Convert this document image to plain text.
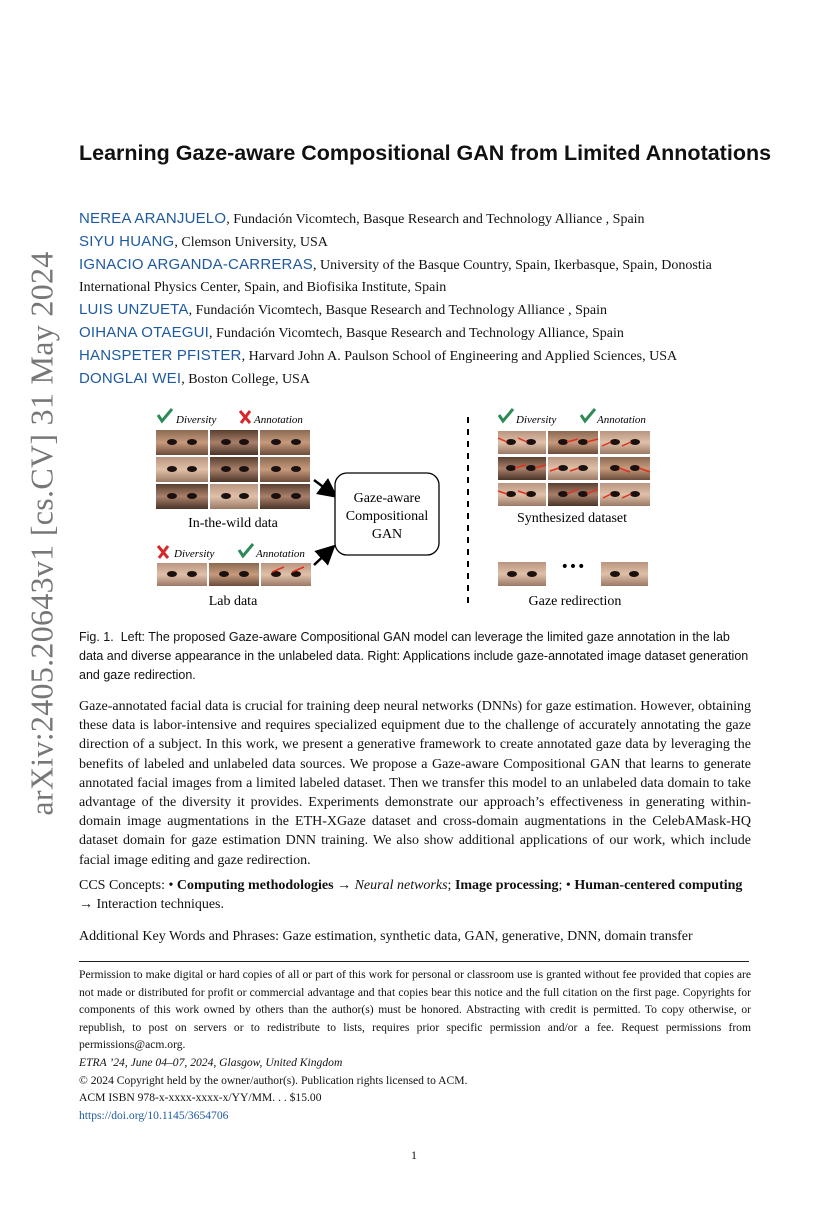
arXiv:2405.20643v1 [cs.CV] 31 May 2024
Learning Gaze-aware Compositional GAN from Limited Annotations

NEREA ARANJUELO, Fundación Vicomtech, Basque Research and Technology Alliance , Spain

SIYU HUANG, Clemson University, USA

IGNACIO ARGANDA-CARRERAS, University of the Basque Country, Spain, Ikerbasque, Spain, Donostia International Physics Center, Spain, and Biofisika Institute, Spain

LUIS UNZUETA, Fundación Vicomtech, Basque Research and Technology Alliance , Spain

OIHANA OTAEGUI, Fundación Vicomtech, Basque Research and Technology Alliance, Spain

HANSPETER PFISTER, Harvard John A. Paulson School of Engineering and Applied Sciences, USA

DONGLAI WEI, Boston College, USA

Diversity	Annotation
In-the-wild data
Diversity	Annotation
Lab data
Gaze-aware
Compositional
GAN
Diversity	Annotation
Synthesized dataset
•••
Gaze redirection
Fig. 1. Left: The proposed Gaze-aware Compositional GAN model can leverage the limited gaze annotation in the lab data and diverse appearance in the unlabeled data. Right: Applications include gaze-annotated image dataset generation and gaze redirection.
Gaze-annotated facial data is crucial for training deep neural networks (DNNs) for gaze estimation. However, obtaining these data is labor-intensive and requires specialized equipment due to the challenge of accurately annotating the gaze direction of a subject. In this work, we present a generative framework to create annotated gaze data by leveraging the benefits of labeled and unlabeled data sources. We propose a Gaze-aware Compositional GAN that learns to generate annotated facial images from a limited labeled dataset. Then we transfer this model to an unlabeled data domain to take advantage of the diversity it provides. Experiments demonstrate our approach’s effectiveness in generating within-domain image augmentations in the ETH-XGaze dataset and cross-domain augmentations in the CelebAMask-HQ dataset domain for gaze estimation DNN training. We also show additional applications of our work, which include facial image editing and gaze redirection.
CCS Concepts: • Computing methodologies → Neural networks; Image processing; • Human-centered computing → Interaction techniques.
Additional Key Words and Phrases: Gaze estimation, synthetic data, GAN, generative, DNN, domain transfer
Permission to make digital or hard copies of all or part of this work for personal or classroom use is granted without fee provided that copies are not made or distributed for profit or commercial advantage and that copies bear this notice and the full citation on the first page. Copyrights for components of this work owned by others than the author(s) must be honored. Abstracting with credit is permitted. To copy otherwise, or republish, to post on servers or to redistribute to lists, requires prior specific permission and/or a fee. Request permissions from permissions@acm.org.
ETRA ’24, June 04–07, 2024, Glasgow, United Kingdom
© 2024 Copyright held by the owner/author(s). Publication rights licensed to ACM.
ACM ISBN 978-x-xxxx-xxxx-x/YY/MM. . . $15.00
https://doi.org/10.1145/3654706
1
